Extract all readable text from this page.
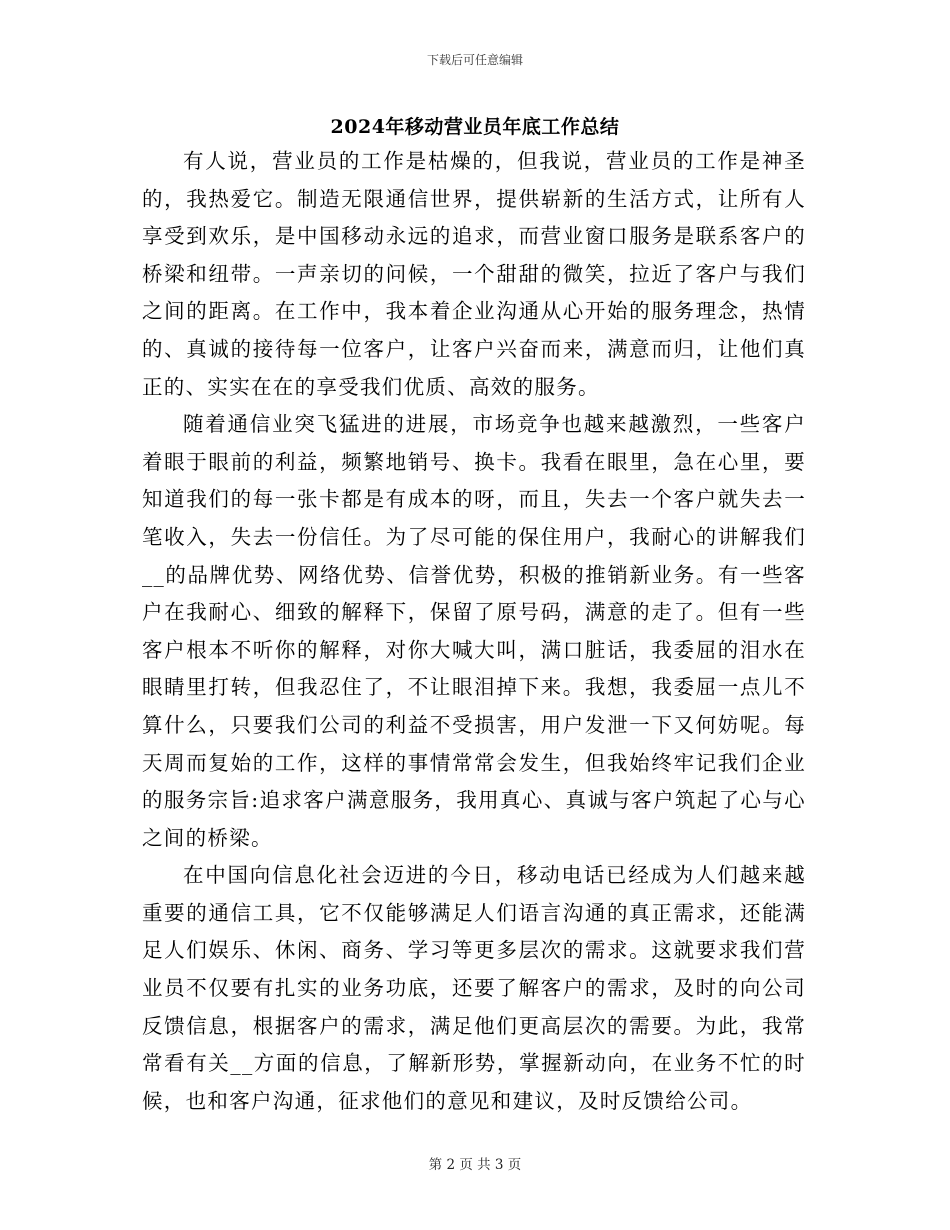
下载后可任意编辑
2024年移动营业员年底工作总结

有人说，营业员的工作是枯燥的，但我说，营业员的工作是神圣的，我热爱它。制造无限通信世界，提供崭新的生活方式，让所有人享受到欢乐，是中国移动永远的追求，而营业窗口服务是联系客户的桥梁和纽带。一声亲切的问候，一个甜甜的微笑，拉近了客户与我们之间的距离。在工作中，我本着企业沟通从心开始的服务理念，热情的、真诚的接待每一位客户，让客户兴奋而来，满意而归，让他们真正的、实实在在的享受我们优质、高效的服务。

随着通信业突飞猛进的进展，市场竞争也越来越激烈，一些客户着眼于眼前的利益，频繁地销号、换卡。我看在眼里，急在心里，要知道我们的每一张卡都是有成本的呀，而且，失去一个客户就失去一笔收入，失去一份信任。为了尽可能的保住用户，我耐心的讲解我们__的品牌优势、网络优势、信誉优势，积极的推销新业务。有一些客户在我耐心、细致的解释下，保留了原号码，满意的走了。但有一些客户根本不听你的解释，对你大喊大叫，满口脏话，我委屈的泪水在眼睛里打转，但我忍住了，不让眼泪掉下来。我想，我委屈一点儿不算什么，只要我们公司的利益不受损害，用户发泄一下又何妨呢。每天周而复始的工作，这样的事情常常会发生，但我始终牢记我们企业的服务宗旨:追求客户满意服务，我用真心、真诚与客户筑起了心与心之间的桥梁。

在中国向信息化社会迈进的今日，移动电话已经成为人们越来越重要的通信工具，它不仅能够满足人们语言沟通的真正需求，还能满足人们娱乐、休闲、商务、学习等更多层次的需求。这就要求我们营业员不仅要有扎实的业务功底，还要了解客户的需求，及时的向公司反馈信息，根据客户的需求，满足他们更高层次的需要。为此，我常常看有关__方面的信息，了解新形势，掌握新动向，在业务不忙的时候，也和客户沟通，征求他们的意见和建议，及时反馈给公司。

第 2 页 共 3 页
